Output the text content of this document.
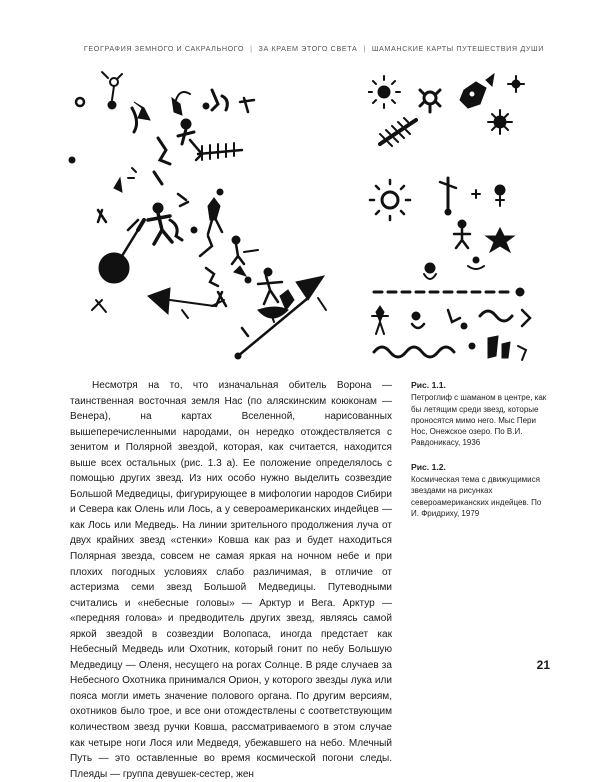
ГЕОГРАФИЯ ЗЕМНОГО И САКРАЛЬНОГО | ЗА КРАЕМ ЭТОГО СВЕТА | ШАМАНСКИЕ КАРТЫ ПУТЕШЕСТВИЯ ДУШИ

Несмотря на то, что изначальная обитель Ворона — таинственная восточная земля Нас (по аляскинским коюконам — Венера), на картах Вселенной, нарисованных вышеперечисленными народами, он нередко отождествляется с зенитом и Полярной звездой, которая, как считается, находится выше всех остальных (рис. 1.3 а). Ее положение определялось с помощью других звезд. Из них особо нужно выделить созвездие Большой Медведицы, фигурирующее в мифологии народов Сибири и Севера как Олень или Лось, а у североамериканских индейцев — как Лось или Медведь. На линии зрительного продолжения луча от двух крайних звезд «стенки» Ковша как раз и будет находиться Полярная звезда, совсем не самая яркая на ночном небе и при плохих погодных условиях слабо различимая, в отличие от астеризма семи звезд Большой Медведицы. Путеводными считались и «небесные головы» — Арктур и Вега. Арктур — «передняя голова» и предводитель других звезд, являясь самой яркой звездой в созвездии Волопаса, иногда предстает как Небесный Медведь или Охотник, который гонит по небу Большую Медведицу — Оленя, несущего на рогах Солнце. В ряде случаев за Небесного Охотника принимался Орион, у которого звезды лука или пояса могли иметь значение полового органа. По другим версиям, охотников было трое, и все они отождествлены с соответствующим количеством звезд ручки Ковша, рассматриваемого в этом случае как четыре ноги Лося или Медведя, убежавшего на небо. Млечный Путь — это оставленные во время космической погони следы. Плеяды — группа девушек-сестер, жен

Рис. 1.1.
Петроглиф с шаманом в центре, как бы летящим среди звезд, которые проносятся мимо него. Мыс Пери Нос, Онежское озеро. По В.И. Равдоникасу, 1936
Рис. 1.2.
Космическая тема с движущимися звездами на рисунках североамериканских индейцев. По И. Фридриху, 1979
21
